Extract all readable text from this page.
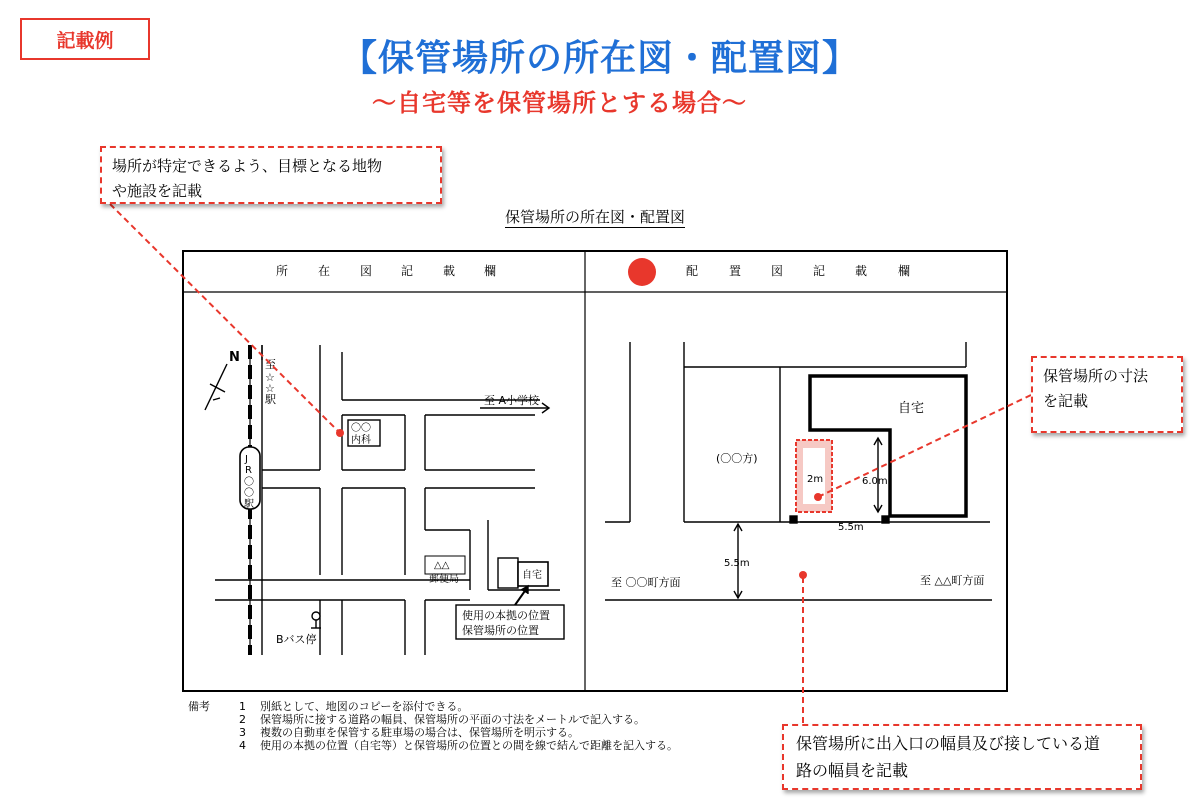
記載例	【保管場所の所在図・配置図】
～自宅等を保管場所とする場合～
保管場所の所在図・配置図
所 在 図 記 載 欄	配	置 図 記 載	欄
N 至
☆
☆
駅
J
R
〇
〇
駅
至 A小学校
〇〇
内科
△△
郵便局	自宅
使用の本拠の位置
保管場所の位置
Bバス停
自宅
(〇〇方)
2m	6.0m
5.5m
5.5m
至 〇〇町方面	至 △△町方面
場所が特定できるよう、目標となる地物
や施設を記載
保管場所の寸法
を記載
保管場所に出入口の幅員及び接している道
路の幅員を記載
備考	1	別紙として、地図のコピーを添付できる。
2	保管場所に接する道路の幅員、保管場所の平面の寸法をメートルで記入する。
3	複数の自動車を保管する駐車場の場合は、保管場所を明示する。
4	使用の本拠の位置（自宅等）と保管場所の位置との間を線で結んで距離を記入する。
